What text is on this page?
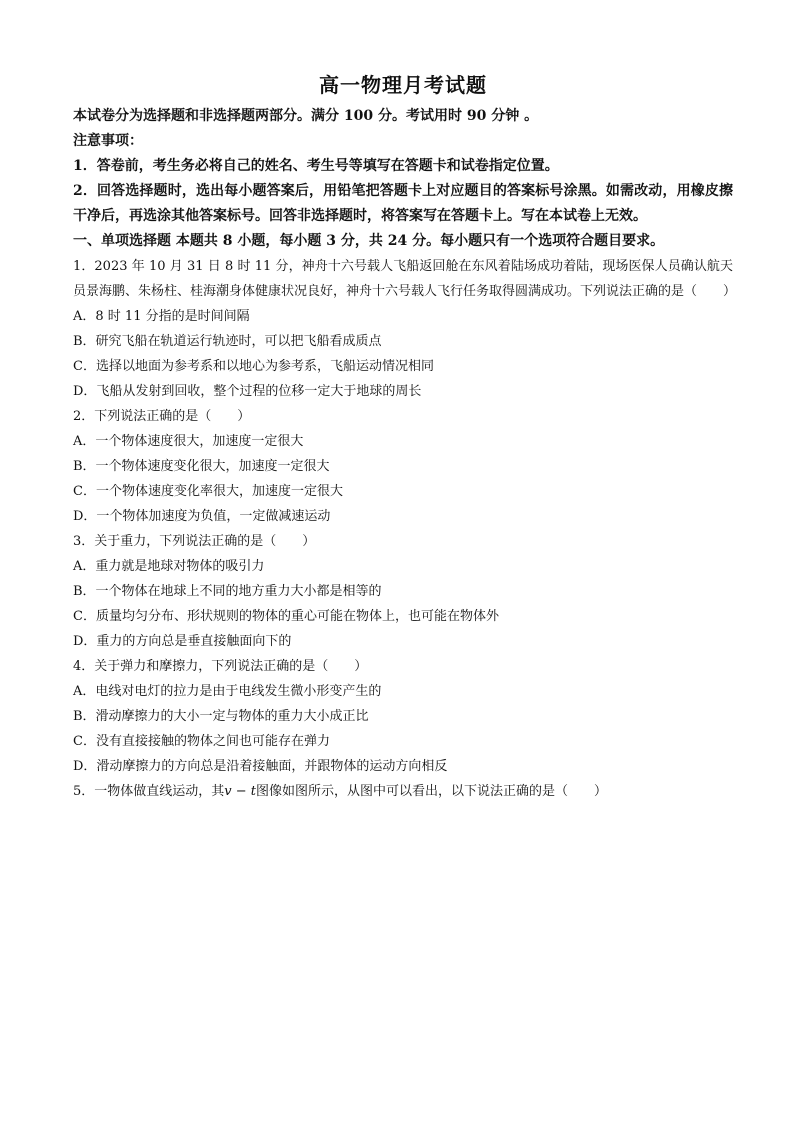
高一物理月考试题

本试卷分为选择题和非选择题两部分。满分 100 分。考试用时 90 分钟 。

注意事项：

1．答卷前，考生务必将自己的姓名、考生号等填写在答题卡和试卷指定位置。

2．回答选择题时，选出每小题答案后，用铅笔把答题卡上对应题目的答案标号涂黑。如需改动，用橡皮擦干净后，再选涂其他答案标号。回答非选择题时，将答案写在答题卡上。写在本试卷上无效。

一、单项选择题 本题共 8 小题，每小题 3 分，共 24 分。每小题只有一个选项符合题目要求。

1．2023 年 10 月 31 日 8 时 11 分，神舟十六号载人飞船返回舱在东风着陆场成功着陆，现场医保人员确认航天员景海鹏、朱杨柱、桂海潮身体健康状况良好，神舟十六号载人飞行任务取得圆满成功。下列说法正确的是（　　）

A．8 时 11 分指的是时间间隔

B．研究飞船在轨道运行轨迹时，可以把飞船看成质点

C．选择以地面为参考系和以地心为参考系，飞船运动情况相同

D．飞船从发射到回收，整个过程的位移一定大于地球的周长

2．下列说法正确的是（　　）

A．一个物体速度很大，加速度一定很大

B．一个物体速度变化很大，加速度一定很大

C．一个物体速度变化率很大，加速度一定很大

D．一个物体加速度为负值，一定做减速运动

3．关于重力，下列说法正确的是（　　）

A．重力就是地球对物体的吸引力

B．一个物体在地球上不同的地方重力大小都是相等的

C．质量均匀分布、形状规则的物体的重心可能在物体上，也可能在物体外

D．重力的方向总是垂直接触面向下的

4．关于弹力和摩擦力，下列说法正确的是（　　）

A．电线对电灯的拉力是由于电线发生微小形变产生的

B．滑动摩擦力的大小一定与物体的重力大小成正比

C．没有直接接触的物体之间也可能存在弹力

D．滑动摩擦力的方向总是沿着接触面，并跟物体的运动方向相反

5．一物体做直线运动，其v − t图像如图所示，从图中可以看出，以下说法正确的是（　　）
